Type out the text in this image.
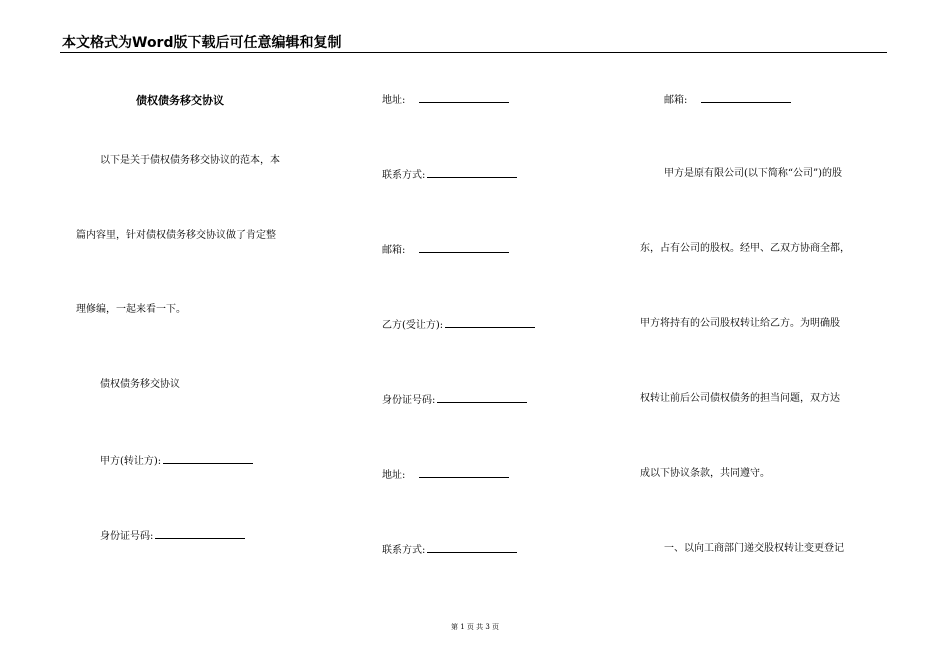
本文格式为Word版下载后可任意编辑和复制
债权债务移交协议
以下是关于债权债务移交协议的范本，本
篇内容里，针对债权债务移交协议做了肯定整
理修编，一起来看一下。
债权债务移交协议
甲方(转让方):
身份证号码:
地址:
联系方式:
邮箱:
乙方(受让方):
身份证号码:
地址:
联系方式:
邮箱:
甲方是原有限公司(以下简称“公司”)的股
东，占有公司的股权。经甲、乙双方协商全都，
甲方将持有的公司股权转让给乙方。为明确股
权转让前后公司债权债务的担当问题，双方达
成以下协议条款，共同遵守。
一、以向工商部门递交股权转让变更登记
第 1 页 共 3 页
